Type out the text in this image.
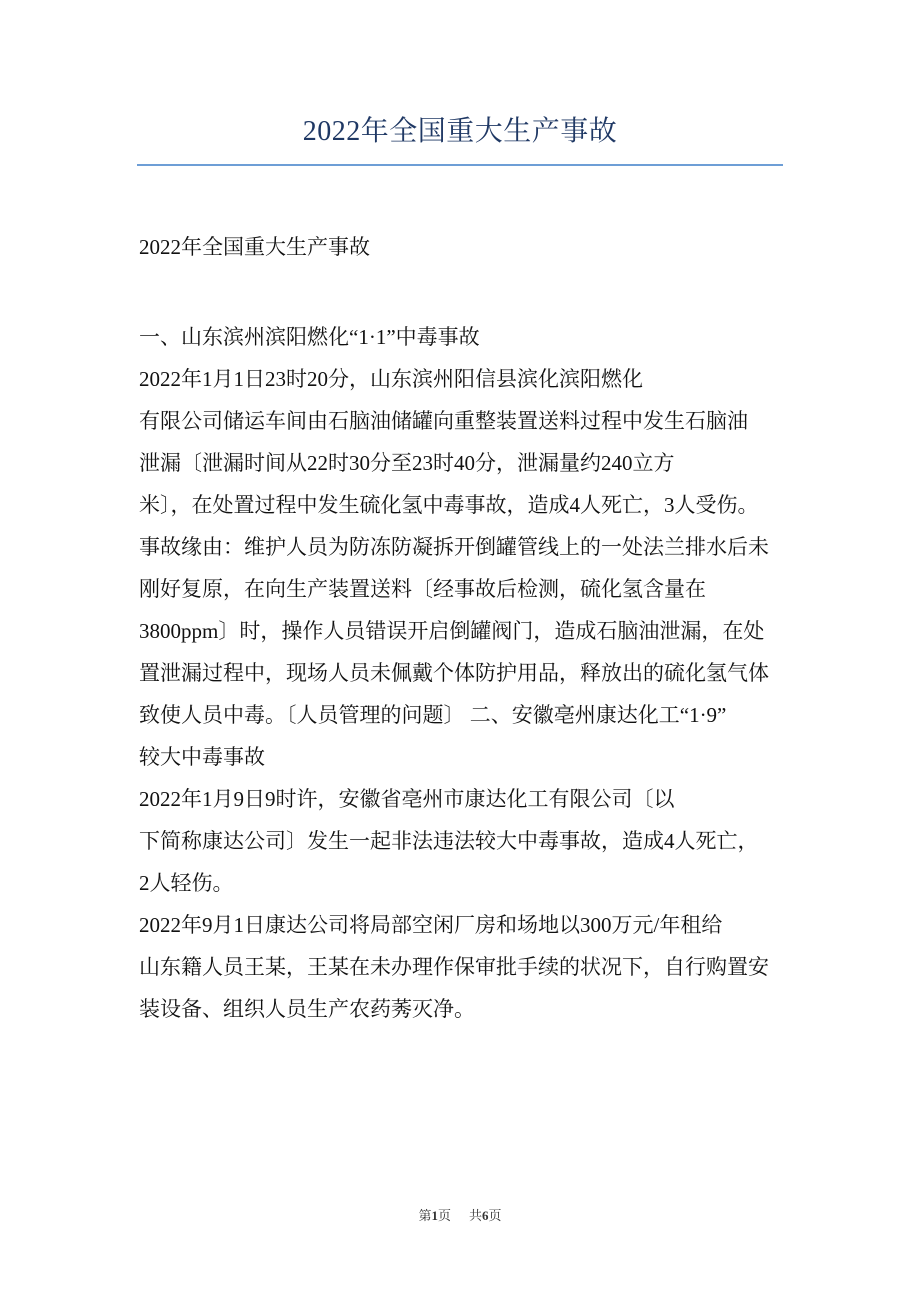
2022年全国重大生产事故

2022年全国重大生产事故

一、山东滨州滨阳燃化“1·1”中毒事故

2022年1月1日23时20分，山东滨州阳信县滨化滨阳燃化

有限公司储运车间由石脑油储罐向重整装置送料过程中发生石脑油

泄漏〔泄漏时间从22时30分至23时40分，泄漏量约240立方

米〕，在处置过程中发生硫化氢中毒事故，造成4人死亡，3人受伤。

事故缘由：维护人员为防冻防凝拆开倒罐管线上的一处法兰排水后未

刚好复原，在向生产装置送料〔经事故后检测，硫化氢含量在

3800ppm〕时，操作人员错误开启倒罐阀门，造成石脑油泄漏，在处

置泄漏过程中，现场人员未佩戴个体防护用品，释放出的硫化氢气体

致使人员中毒。〔人员管理的问题〕 二、安徽亳州康达化工“1·9”

较大中毒事故

2022年1月9日9时许，安徽省亳州市康达化工有限公司〔以

下简称康达公司〕发生一起非法违法较大中毒事故，造成4人死亡，

2人轻伤。

2022年9月1日康达公司将局部空闲厂房和场地以300万元/年租给

山东籍人员王某，王某在未办理作保审批手续的状况下，自行购置安

装设备、组织人员生产农药莠灭净。

第1页 共6页
